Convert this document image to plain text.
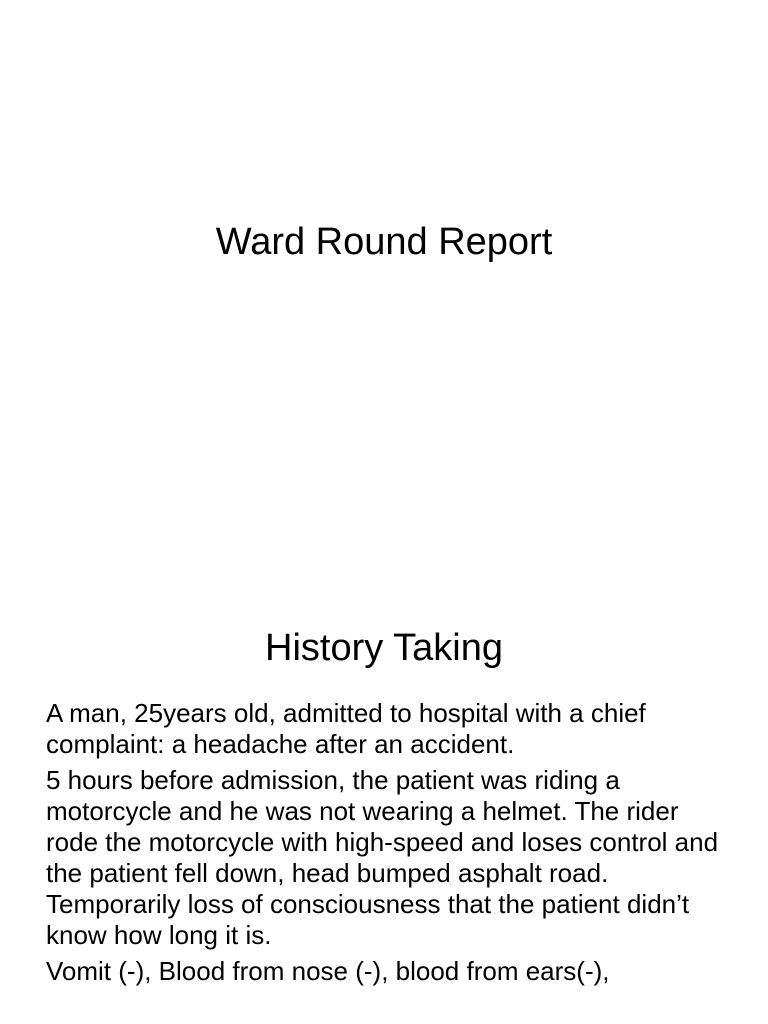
Ward Round Report
History Taking

A man, 25years old, admitted to hospital with a chief complaint: a headache after an accident.

5 hours before admission, the patient was riding a motorcycle and he was not wearing a helmet. The rider rode the motorcycle with high-speed and loses control and the patient fell down, head bumped asphalt road. Temporarily loss of consciousness that the patient didn’t know how long it is.

Vomit (-), Blood from nose (-), blood from ears(-),
